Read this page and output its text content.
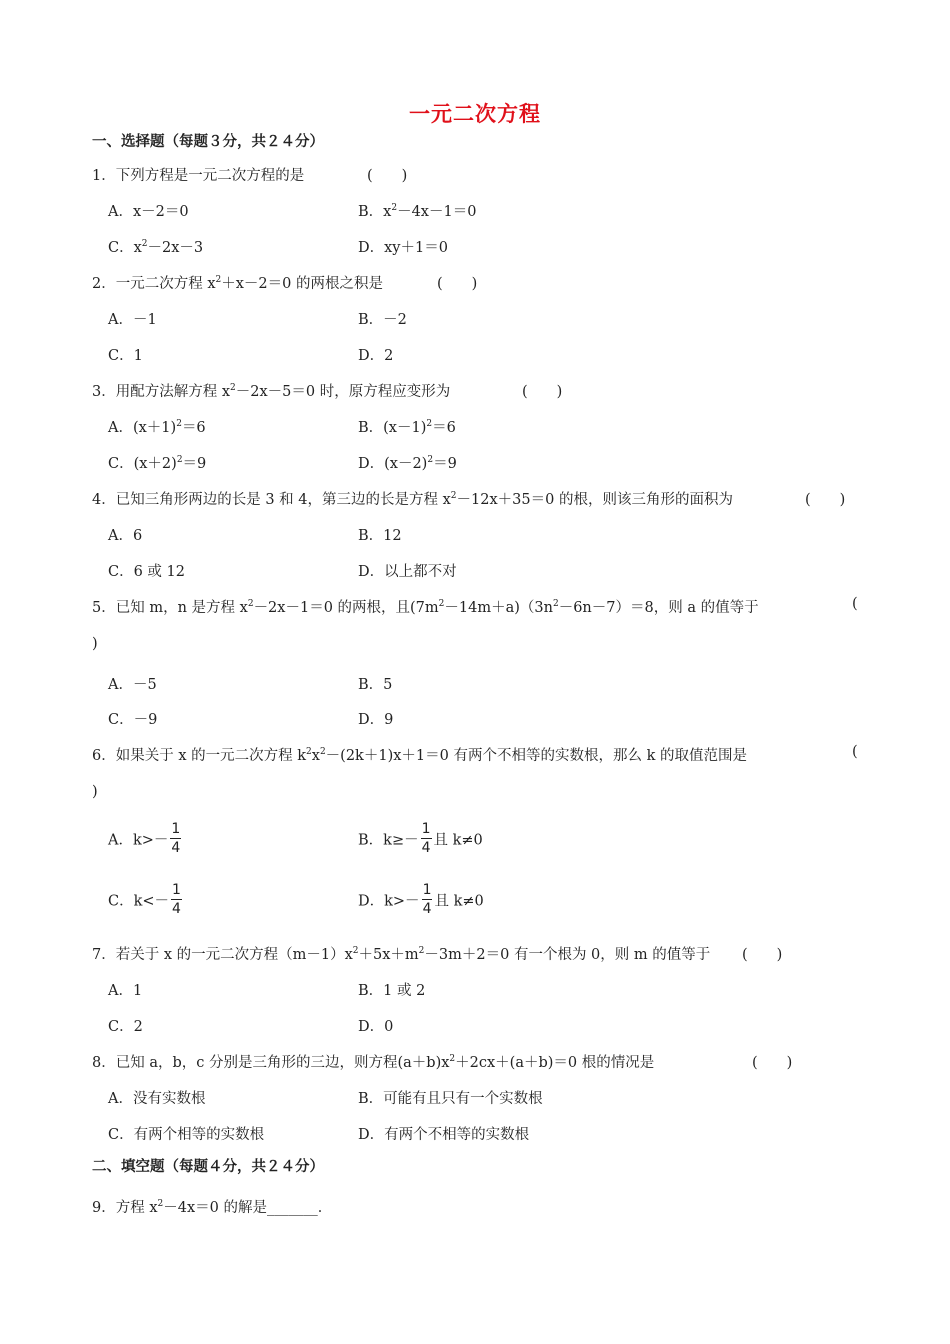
一元二次方程
一、选择题（每题３分，共２４分）
1．下列方程是一元二次方程的是	(　　)
A．x－2＝0	B．$x^2-4x-1=0$
C．$x^2-2x-3$	D．xy＋1＝0
2．一元二次方程 $x^2+x-2=0$ 的两根之积是	(　　)
A．－1	B．－2
C．1	D．2
3．用配方法解方程 $x^2-2x-5=0$ 时，原方程应变形为	(　　)
A．$(x+1)^2=6$	B．$(x-1)^2=6$
C．$(x+2)^2=9$	D．$(x-2)^2=9$
4．已知三角形两边的长是 3 和 4，第三边的长是方程 $x^2-12x+35=0$ 的根，则该三角形的面积为	(　　)
A．6	B．12
C．6 或 12	D．以上都不对
5．已知 m，n 是方程 $x^2-2x-1=0$ 的两根，且$(7m^2-14m+a)(3n^2-6n-7)=8$，则 a 的值等于	(
)
A．－5	B．5
C．－9	D．9
6．如果关于 x 的一元二次方程 $k^2x^2-(2k+1)x+1=0$ 有两个不相等的实数根，那么 k 的取值范围是	(
)
A．$k>- \frac{1}{4}$	B．$k\ge- \frac{1}{4}$ 且 k≠0
C．$k<- \frac{1}{4}$	D．$k>- \frac{1}{4}$ 且 k≠0
7．若关于 x 的一元二次方程$(m-1)x^2+5x+m^2-3m+2=0$ 有一个根为 0，则 m 的值等于 (　　)
A．1	B．1 或 2
C．2	D．0
8．已知 a，b，c 分别是三角形的三边，则方程$(a+b)x^2+2cx+(a+b)=0$ 根的情况是	(　　)
A．没有实数根	B．可能有且只有一个实数根
C．有两个相等的实数根	D．有两个不相等的实数根
二、填空题（每题４分，共２４分）
9．方程 $x^2-4x=0$ 的解是_______．
